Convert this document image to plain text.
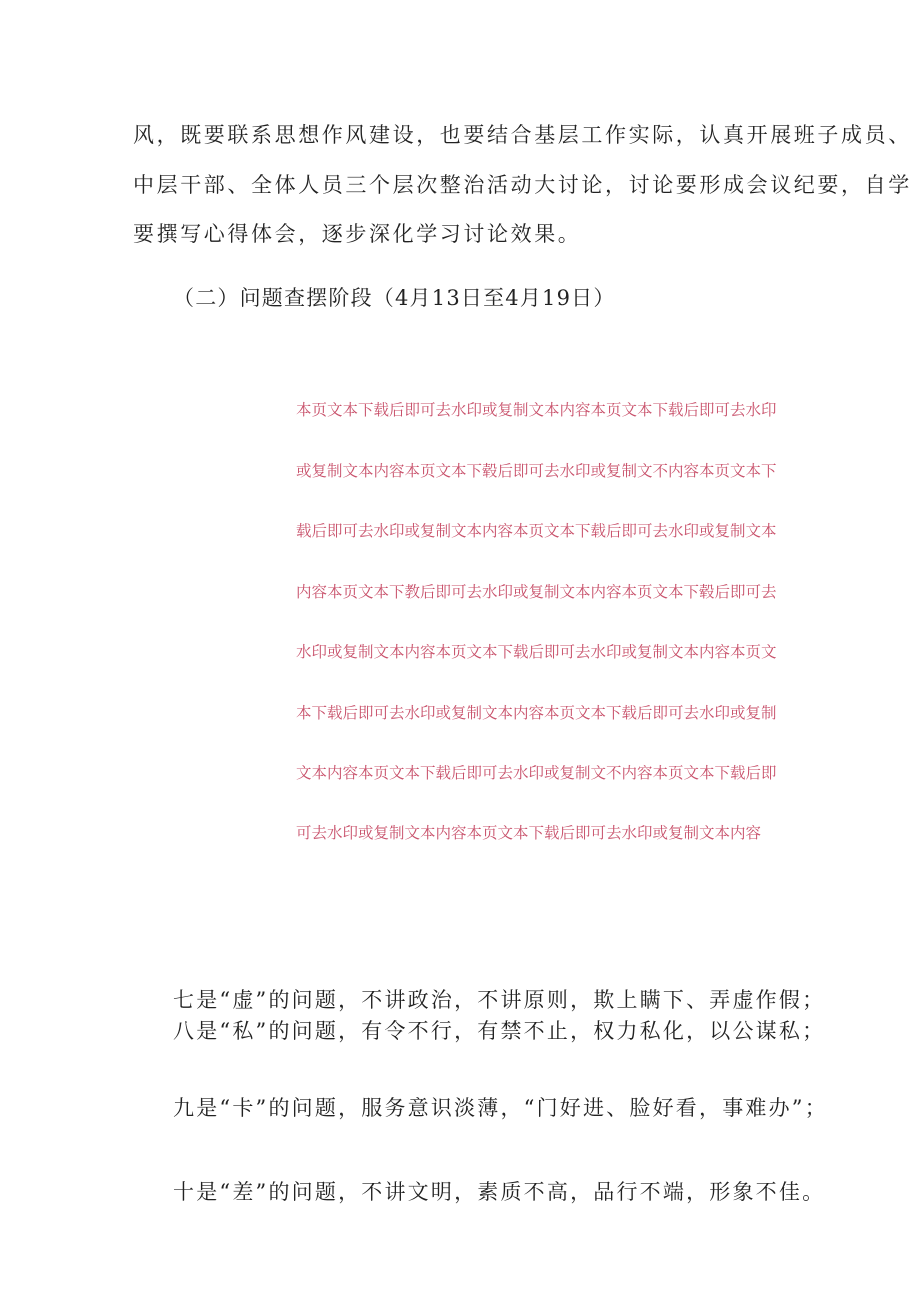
风，既要联系思想作风建设，也要结合基层工作实际，认真开展班子成员、
中层干部、全体人员三个层次整治活动大讨论，讨论要形成会议纪要，自学
要撰写心得体会，逐步深化学习讨论效果。
（二）问题查摆阶段（4月13日至4月19日）
本页文本下载后即可去水印或复制文本内容本页文本下载后即可去水印
或复制文本内容本页文本下毂后即可去水印或复制文不内容本页文本下
载后即可去水印或复制文本内容本页文本下载后即可去水印或复制文本
内容本页文本下教后即可去水印或复制文本内容本页文本下毂后即可去
水印或复制文本内容本页文本下载后即可去水印或复制文本内容本页文
本下载后即可去水印或复制文本内容本页文本下载后即可去水印或复制
文本内容本页文本下载后即可去水印或复制文不内容本页文本下载后即
可去水印或复制文本内容本页文本下载后即可去水印或复制文本内容
七是“虚”的问题，不讲政治，不讲原则，欺上瞒下、弄虚作假；
八是“私”的问题，有令不行，有禁不止，权力私化，以公谋私；
九是“卡”的问题，服务意识淡薄，“门好进、脸好看，事难办”；
十是“差”的问题，不讲文明，素质不高，品行不端，形象不佳。
